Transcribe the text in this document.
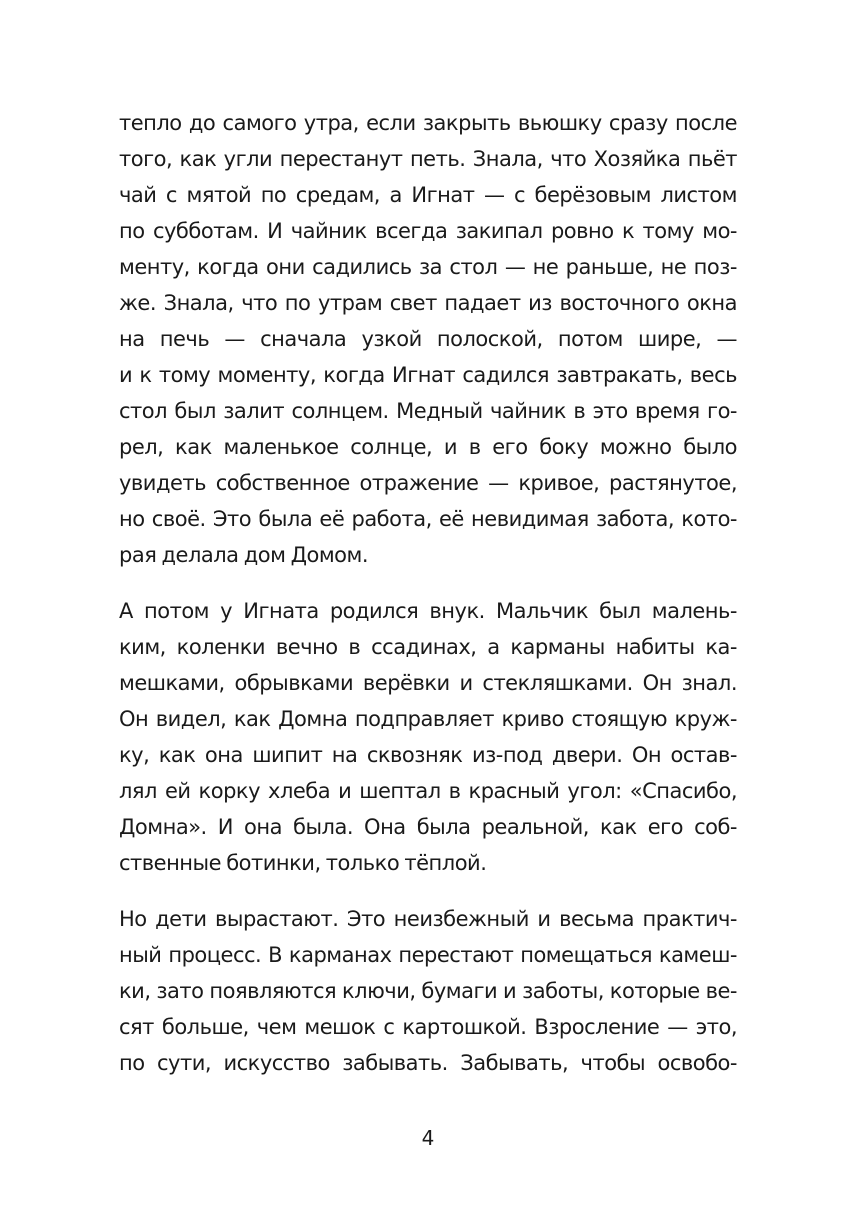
тепло до самого утра, если закрыть вьюшку сразу после
того, как угли перестанут петь. Знала, что Хозяйка пьёт
чай с мятой по средам, а Игнат — с берёзовым листом
по субботам. И чайник всегда закипал ровно к тому мо-
менту, когда они садились за стол — не раньше, не поз-
же. Знала, что по утрам свет падает из восточного окна
на печь — сначала узкой полоской, потом шире, —
и к тому моменту, когда Игнат садился завтракать, весь
стол был залит солнцем. Медный чайник в это время го-
рел, как маленькое солнце, и в его боку можно было
увидеть собственное отражение — кривое, растянутое,
но своё. Это была её работа, её невидимая забота, кото-
рая делала дом Домом.
А потом у Игната родился внук. Мальчик был малень-
ким, коленки вечно в ссадинах, а карманы набиты ка-
мешками, обрывками верёвки и стекляшками. Он знал.
Он видел, как Домна подправляет криво стоящую круж-
ку, как она шипит на сквозняк из-под двери. Он остав-
лял ей корку хлеба и шептал в красный угол: «Спасибо,
Домна». И она была. Она была реальной, как его соб-
ственные ботинки, только тёплой.
Но дети вырастают. Это неизбежный и весьма практич-
ный процесс. В карманах перестают помещаться камеш-
ки, зато появляются ключи, бумаги и заботы, которые ве-
сят больше, чем мешок с картошкой. Взросление — это,
по сути, искусство забывать. Забывать, чтобы освобо-
4
